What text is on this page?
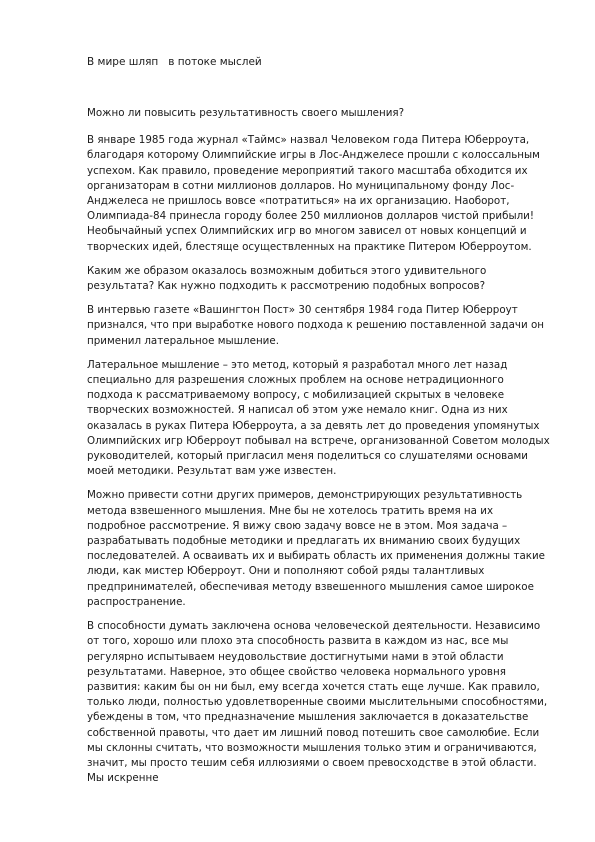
В мире шляп   в потоке мыслей

Можно ли повысить результативность своего мышления?

В январе 1985 года журнал «Таймс» назвал Человеком года Питера Юберроута, благодаря которому Олимпийские игры в Лос-Анджелесе прошли с колоссальным успехом. Как правило, проведение мероприятий такого масштаба обходится их организаторам в сотни миллионов долларов. Но муниципальному фонду Лос-Анджелеса не пришлось вовсе «потратиться» на их организацию. Наоборот, Олимпиада-84 принесла городу более 250 миллионов долларов чистой прибыли! Необычайный успех Олимпийских игр во многом зависел от новых концепций и творческих идей, блестяще осуществленных на практике Питером Юберроутом.

Каким же образом оказалось возможным добиться этого удивительного результата? Как нужно подходить к рассмотрению подобных вопросов?

В интервью газете «Вашингтон Пост» 30 сентября 1984 года Питер Юберроут признался, что при выработке нового подхода к решению поставленной задачи он применил латеральное мышление.

Латеральное мышление – это метод, который я разработал много лет назад специально для разрешения сложных проблем на основе нетрадиционного подхода к рассматриваемому вопросу, с мобилизацией скрытых в человеке творческих возможностей. Я написал об этом уже немало книг. Одна из них оказалась в руках Питера Юберроута, а за девять лет до проведения упомянутых Олимпийских игр Юберроут побывал на встрече, организованной Советом молодых руководителей, который пригласил меня поделиться со слушателями основами моей методики. Результат вам уже известен.

Можно привести сотни других примеров, демонстрирующих результативность метода взвешенного мышления. Мне бы не хотелось тратить время на их подробное рассмотрение. Я вижу свою задачу вовсе не в этом. Моя задача – разрабатывать подобные методики и предлагать их вниманию своих будущих последователей. А осваивать их и выбирать область их применения должны такие люди, как мистер Юберроут. Они и пополняют собой ряды талантливых предпринимателей, обеспечивая методу взвешенного мышления самое широкое распространение.

В способности думать заключена основа человеческой деятельности. Независимо от того, хорошо или плохо эта способность развита в каждом из нас, все мы регулярно испытываем неудовольствие достигнутыми нами в этой области результатами. Наверное, это общее свойство человека нормального уровня развития: каким бы он ни был, ему всегда хочется стать еще лучше. Как правило, только люди, полностью удовлетворенные своими мыслительными способностями, убеждены в том, что предназначение мышления заключается в доказательстве собственной правоты, что дает им лишний повод потешить свое самолюбие. Если мы склонны считать, что возможности мышления только этим и ограничиваются, значит, мы просто тешим себя иллюзиями о своем превосходстве в этой области. Мы искренне
